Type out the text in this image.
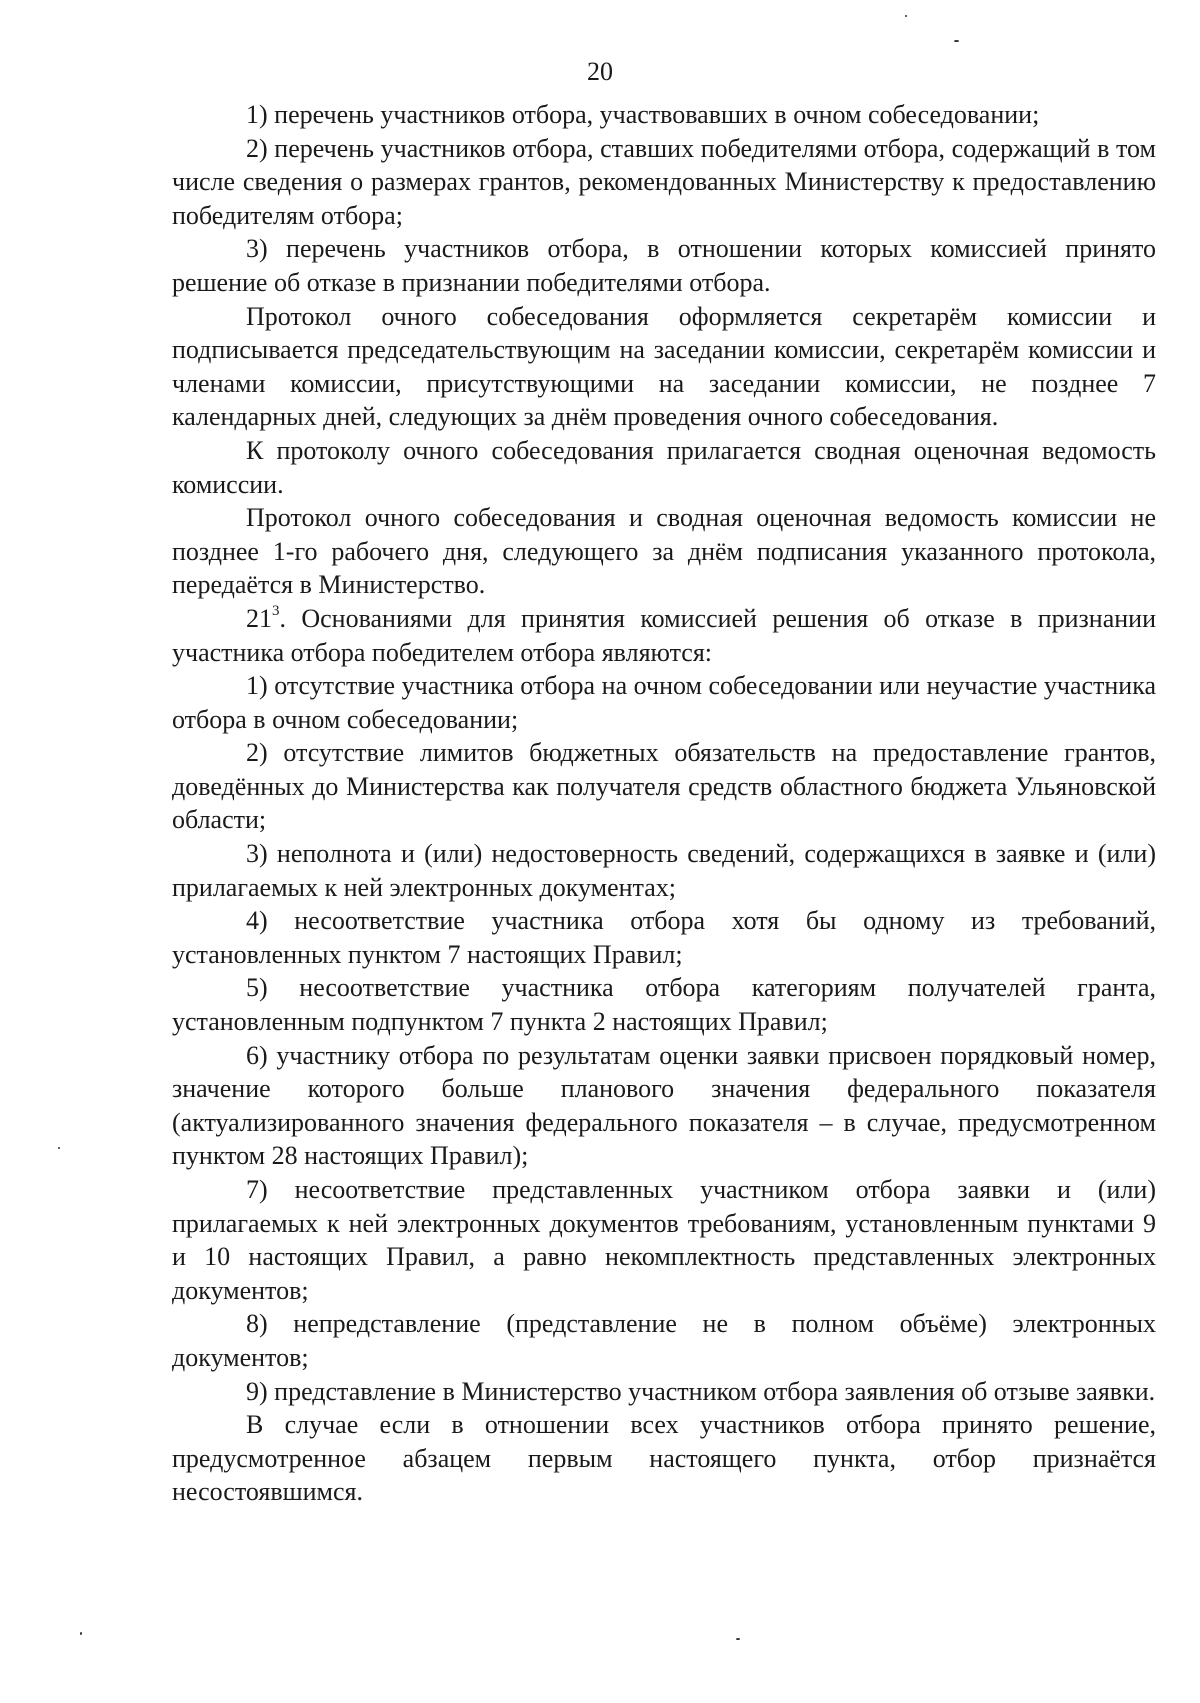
20

1) перечень участников отбора, участвовавших в очном собеседовании;

2) перечень участников отбора, ставших победителями отбора, содержащий в том числе сведения о размерах грантов, рекомендованных Министерству к предоставлению победителям отбора;

3) перечень участников отбора, в отношении которых комиссией принято решение об отказе в признании победителями отбора.

Протокол очного собеседования оформляется секретарём комиссии и подписывается председательствующим на заседании комиссии, секретарём комиссии и членами комиссии, присутствующими на заседании комиссии, не позднее 7 календарных дней, следующих за днём проведения очного собеседования.

К протоколу очного собеседования прилагается сводная оценочная ведомость комиссии.

Протокол очного собеседования и сводная оценочная ведомость комиссии не позднее 1-го рабочего дня, следующего за днём подписания указанного протокола, передаётся в Министерство.

$21^3$. Основаниями для принятия комиссией решения об отказе в признании участника отбора победителем отбора являются:

1) отсутствие участника отбора на очном собеседовании или неучастие участника отбора в очном собеседовании;

2) отсутствие лимитов бюджетных обязательств на предоставление грантов, доведённых до Министерства как получателя средств областного бюджета Ульяновской области;

3) неполнота и (или) недостоверность сведений, содержащихся в заявке и (или) прилагаемых к ней электронных документах;

4) несоответствие участника отбора хотя бы одному из требований, установленных пунктом 7 настоящих Правил;

5) несоответствие участника отбора категориям получателей гранта, установленным подпунктом 7 пункта 2 настоящих Правил;

6) участнику отбора по результатам оценки заявки присвоен порядковый номер, значение которого больше планового значения федерального показателя (актуализированного значения федерального показателя – в случае, предусмотренном пунктом 28 настоящих Правил);

7) несоответствие представленных участником отбора заявки и (или) прилагаемых к ней электронных документов требованиям, установленным пунктами 9 и 10 настоящих Правил, а равно некомплектность представленных электронных документов;

8) непредставление (представление не в полном объёме) электронных документов;

9) представление в Министерство участником отбора заявления об отзыве заявки.

В случае если в отношении всех участников отбора принято решение, предусмотренное абзацем первым настоящего пункта, отбор признаётся несостоявшимся.
